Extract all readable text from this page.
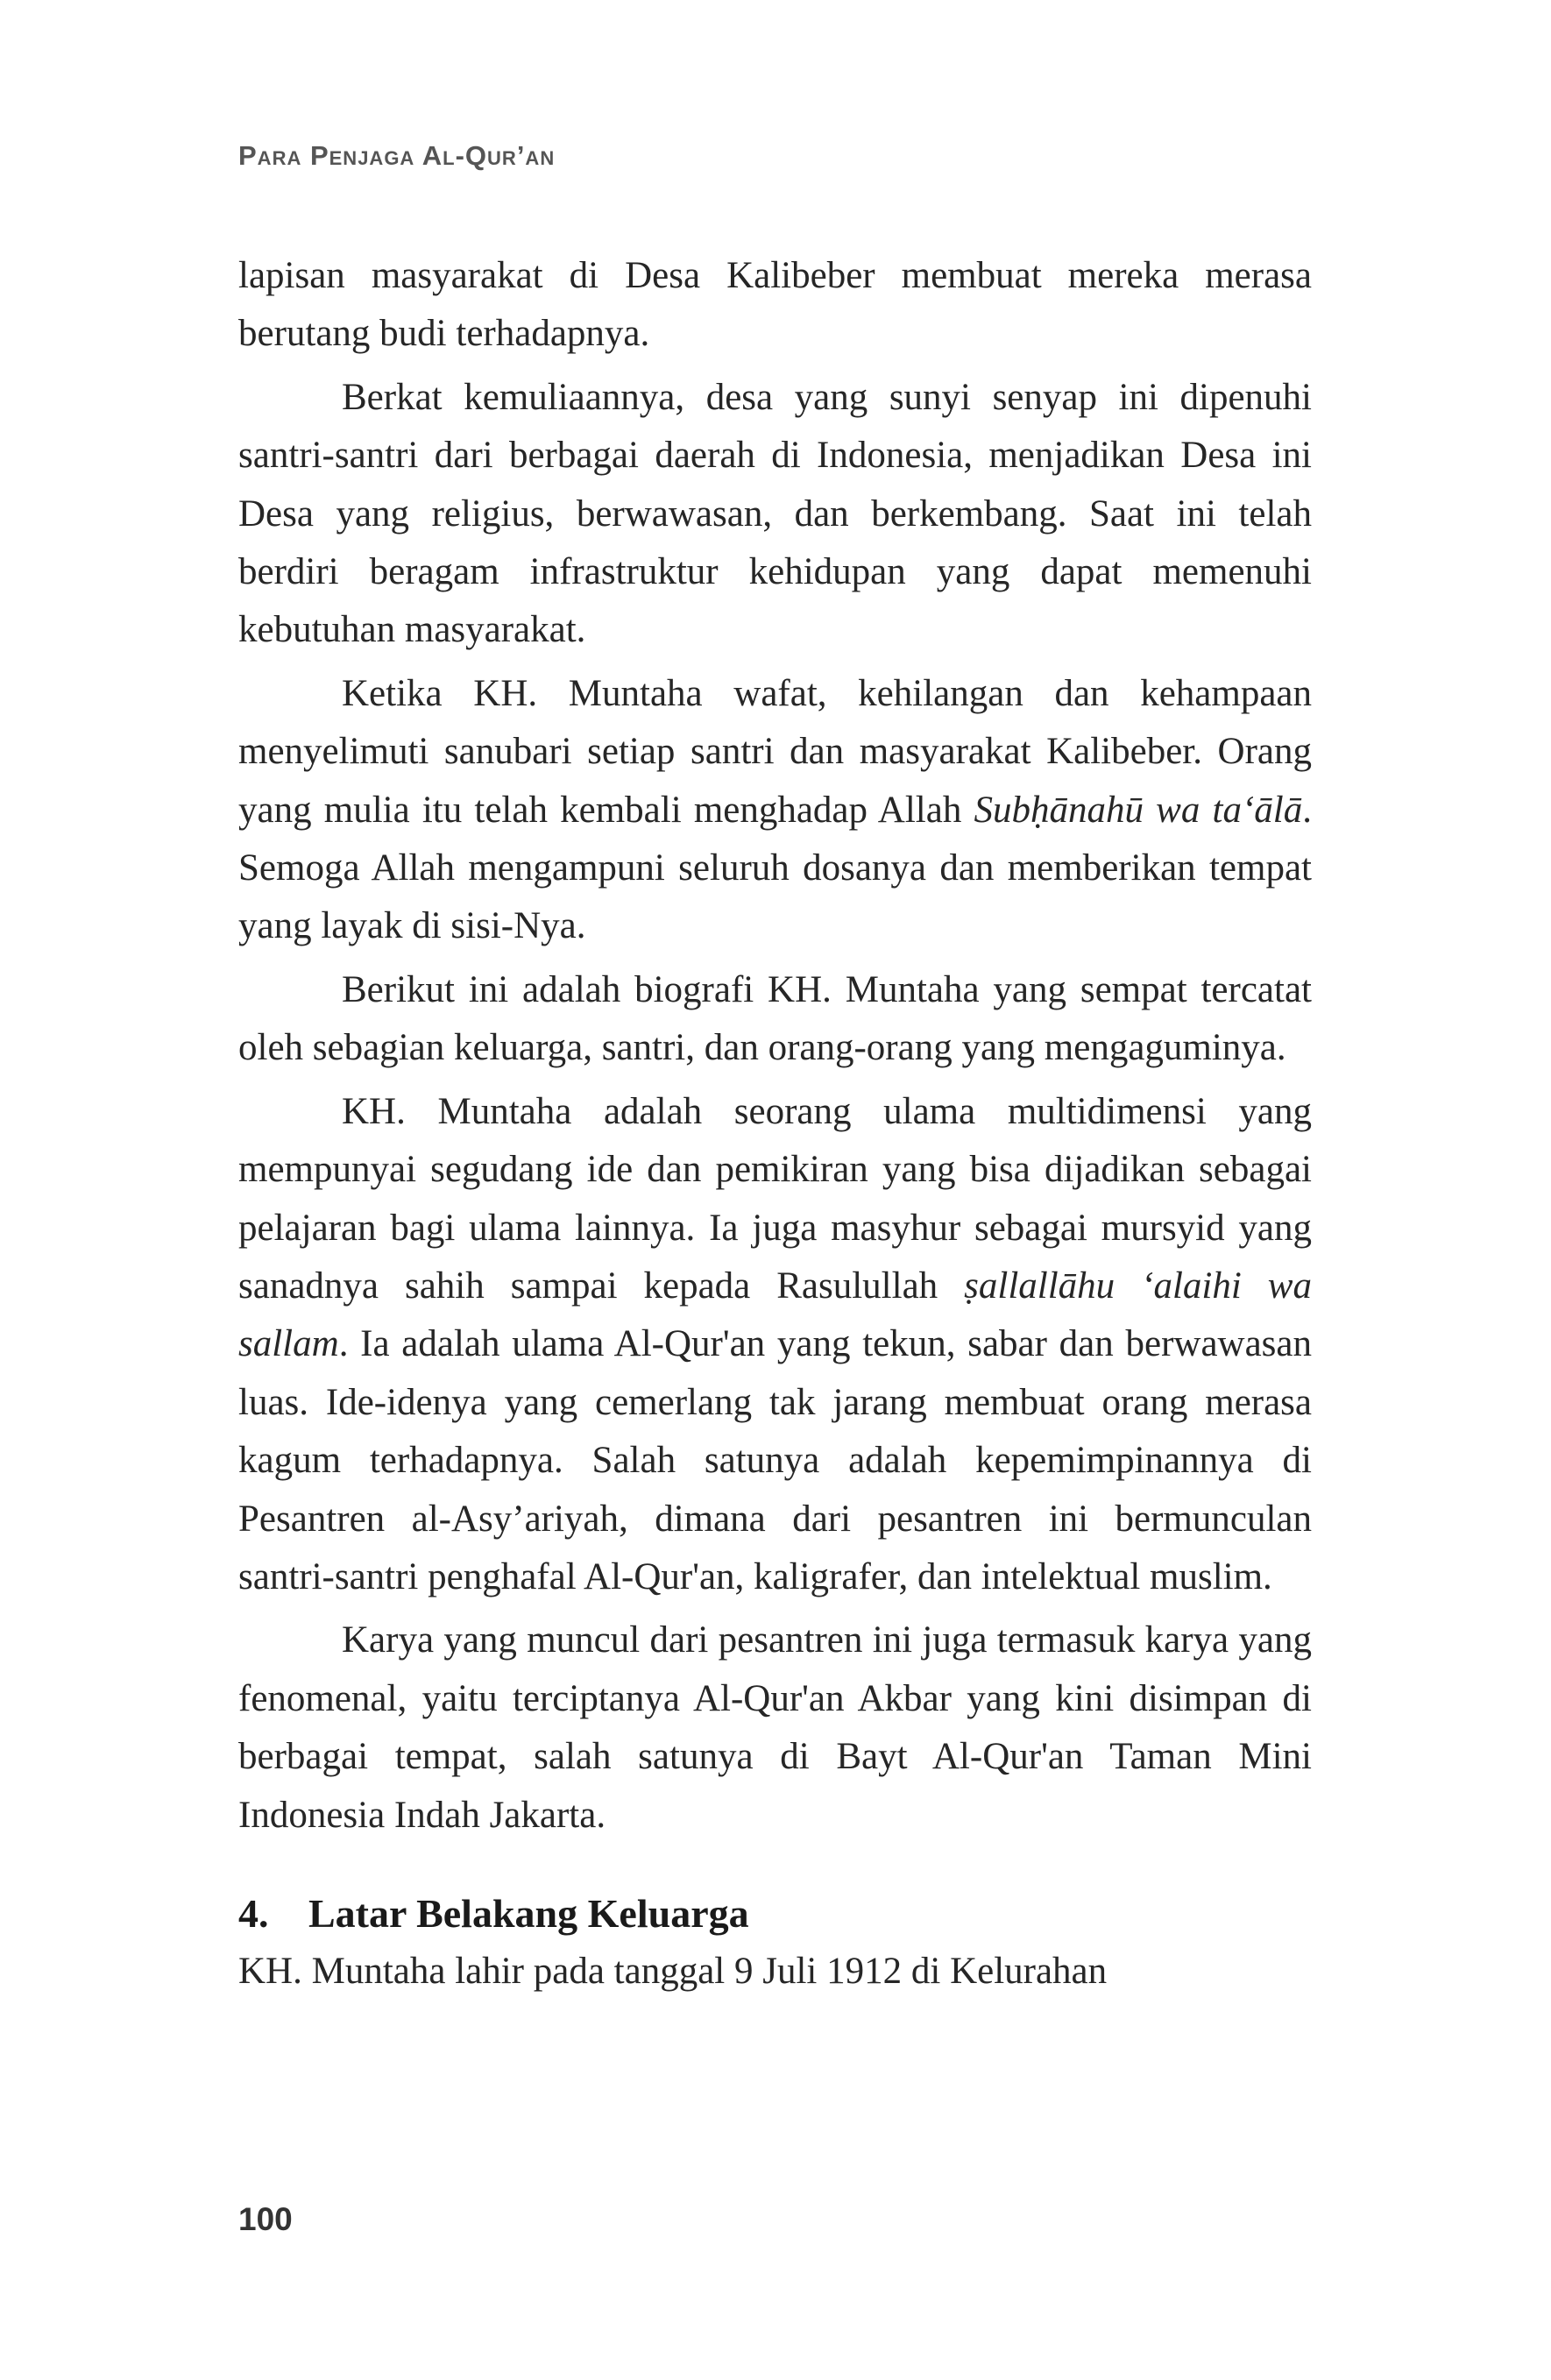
Para Penjaga Al-Qur’an

lapisan masyarakat di Desa Kalibeber membuat mereka merasa berutang budi terhadapnya.

Berkat kemuliaannya, desa yang sunyi senyap ini dipenuhi santri-santri dari berbagai daerah di Indonesia, menjadikan Desa ini Desa yang religius, berwawasan, dan berkembang. Saat ini telah berdiri beragam infrastruktur kehidupan yang dapat memenuhi kebutuhan masyarakat.

Ketika KH. Muntaha wafat, kehilangan dan kehampaan menyelimuti sanubari setiap santri dan masyarakat Kalibeber. Orang yang mulia itu telah kembali menghadap Allah Subḥānahū wa ta‘ālā. Semoga Allah mengampuni seluruh dosanya dan memberikan tempat yang layak di sisi-Nya.

Berikut ini adalah biografi KH. Muntaha yang sempat tercatat oleh sebagian keluarga, santri, dan orang-orang yang mengaguminya.

KH. Muntaha adalah seorang ulama multidimensi yang mempunyai segudang ide dan pemikiran yang bisa dijadikan sebagai pelajaran bagi ulama lainnya. Ia juga masyhur sebagai mursyid yang sanadnya sahih sampai kepada Rasulullah ṣallallāhu ‘alaihi wa sallam. Ia adalah ulama Al-Qur'an yang tekun, sabar dan berwawasan luas. Ide-idenya yang cemerlang tak jarang membuat orang merasa kagum terhadapnya. Salah satunya adalah kepemimpinannya di Pesantren al-Asy’ariyah, dimana dari pesantren ini bermunculan santri-santri penghafal Al-Qur'an, kaligrafer, dan intelektual muslim.

Karya yang muncul dari pesantren ini juga termasuk karya yang fenomenal, yaitu terciptanya Al-Qur'an Akbar yang kini disimpan di berbagai tempat, salah satunya di Bayt Al-Qur'an Taman Mini Indonesia Indah Jakarta.

4. Latar Belakang Keluarga

KH. Muntaha lahir pada tanggal 9 Juli 1912 di Kelurahan

100
